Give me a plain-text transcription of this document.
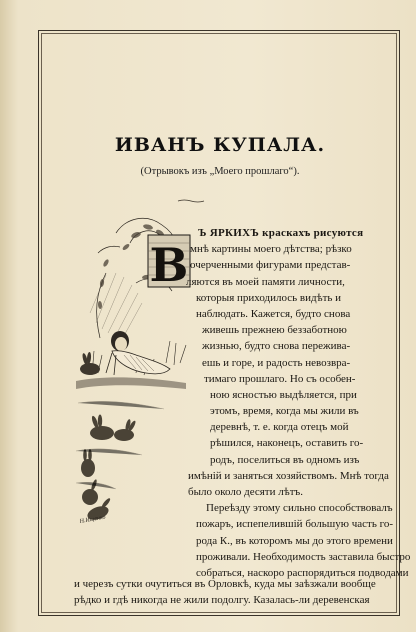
ИВАНЪ КУПАЛА.
(Отрывокъ изъ „Моего прошлаго“).
В
Н.Ищенко
Ъ ЯРКИХЪ краскахъ рисуются
мнѣ картины моего дѣтства; рѣзко
очерченными фигурами представ-
ляются въ моей памяти личности,
которыя приходилось видѣть и
наблюдать. Кажется, будто снова
живешь прежнею беззаботною
жизнью, будто снова пережива-
ешь и горе, и радость невозвра-
тимаго прошлаго. Но съ особен-
ною ясностью выдѣляется, при
этомъ, время, когда мы жили въ
деревнѣ, т. е. когда отецъ мой
рѣшился, наконецъ, оставить го-
родъ, поселиться въ одномъ изъ
имѣній и заняться хозяйствомъ. Мнѣ тогда
было около десяти лѣтъ.
Переѣзду этому сильно способствовалъ
пожаръ, испепелившій большую часть го-
рода К., въ которомъ мы до этого времени
проживали. Необходимость заставила быстро
собраться, наскоро распорядиться подводами
и черезъ сутки очутиться въ Орловкѣ, куда мы заѣзжали вообще
рѣдко и гдѣ никогда не жили подолгу. Казалась-ли деревенская
